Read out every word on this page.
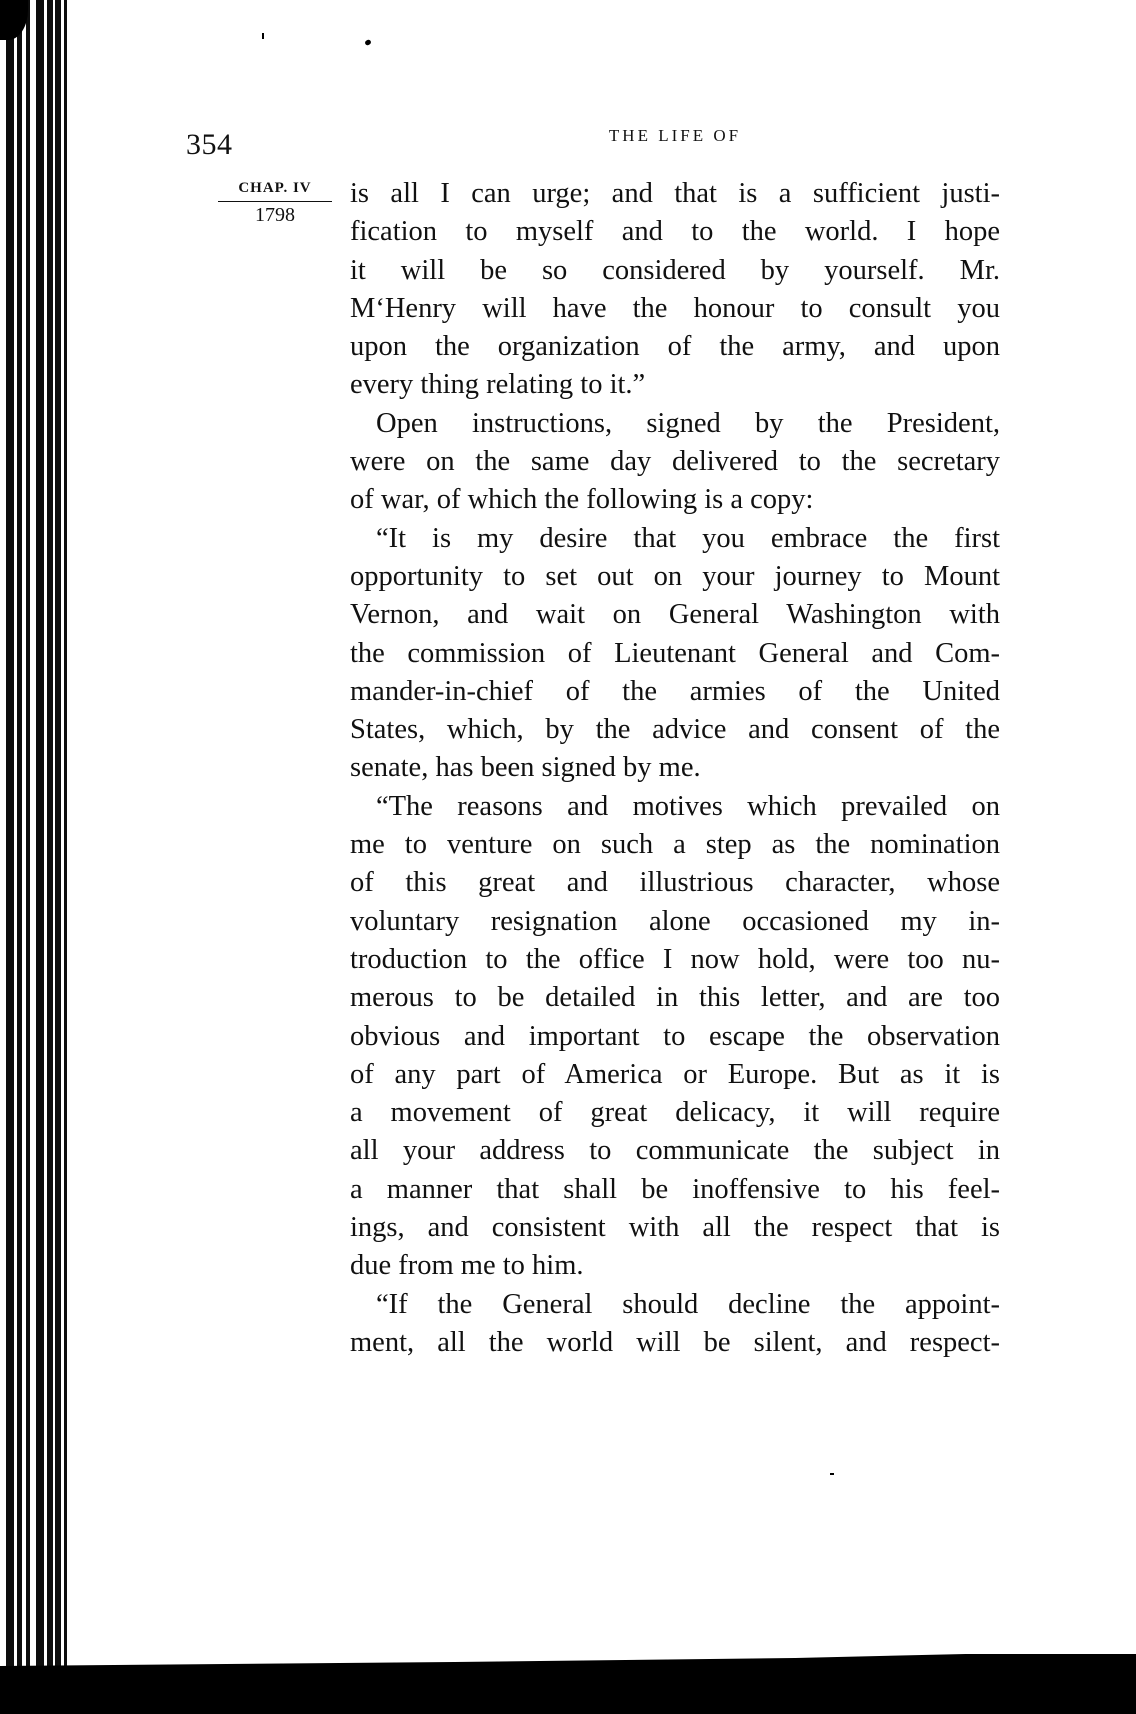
354	THE LIFE OF
CHAP. IV
1798
is all I can urge; and that is a sufficient justi-
fication to myself and to the world. I hope
it will be so considered by yourself. Mr.
M‘Henry will have the honour to consult you
upon the organization of the army, and upon
every thing relating to it.”
Open instructions, signed by the President,
were on the same day delivered to the secretary
of war, of which the following is a copy:
“It is my desire that you embrace the first
opportunity to set out on your journey to Mount
Vernon, and wait on General Washington with
the commission of Lieutenant General and Com-
mander-in-chief of the armies of the United
States, which, by the advice and consent of the
senate, has been signed by me.
“The reasons and motives which prevailed on
me to venture on such a step as the nomination
of this great and illustrious character, whose
voluntary resignation alone occasioned my in-
troduction to the office I now hold, were too nu-
merous to be detailed in this letter, and are too
obvious and important to escape the observation
of any part of America or Europe. But as it is
a movement of great delicacy, it will require
all your address to communicate the subject in
a manner that shall be inoffensive to his feel-
ings, and consistent with all the respect that is
due from me to him.
“If the General should decline the appoint-
ment, all the world will be silent, and respect-
